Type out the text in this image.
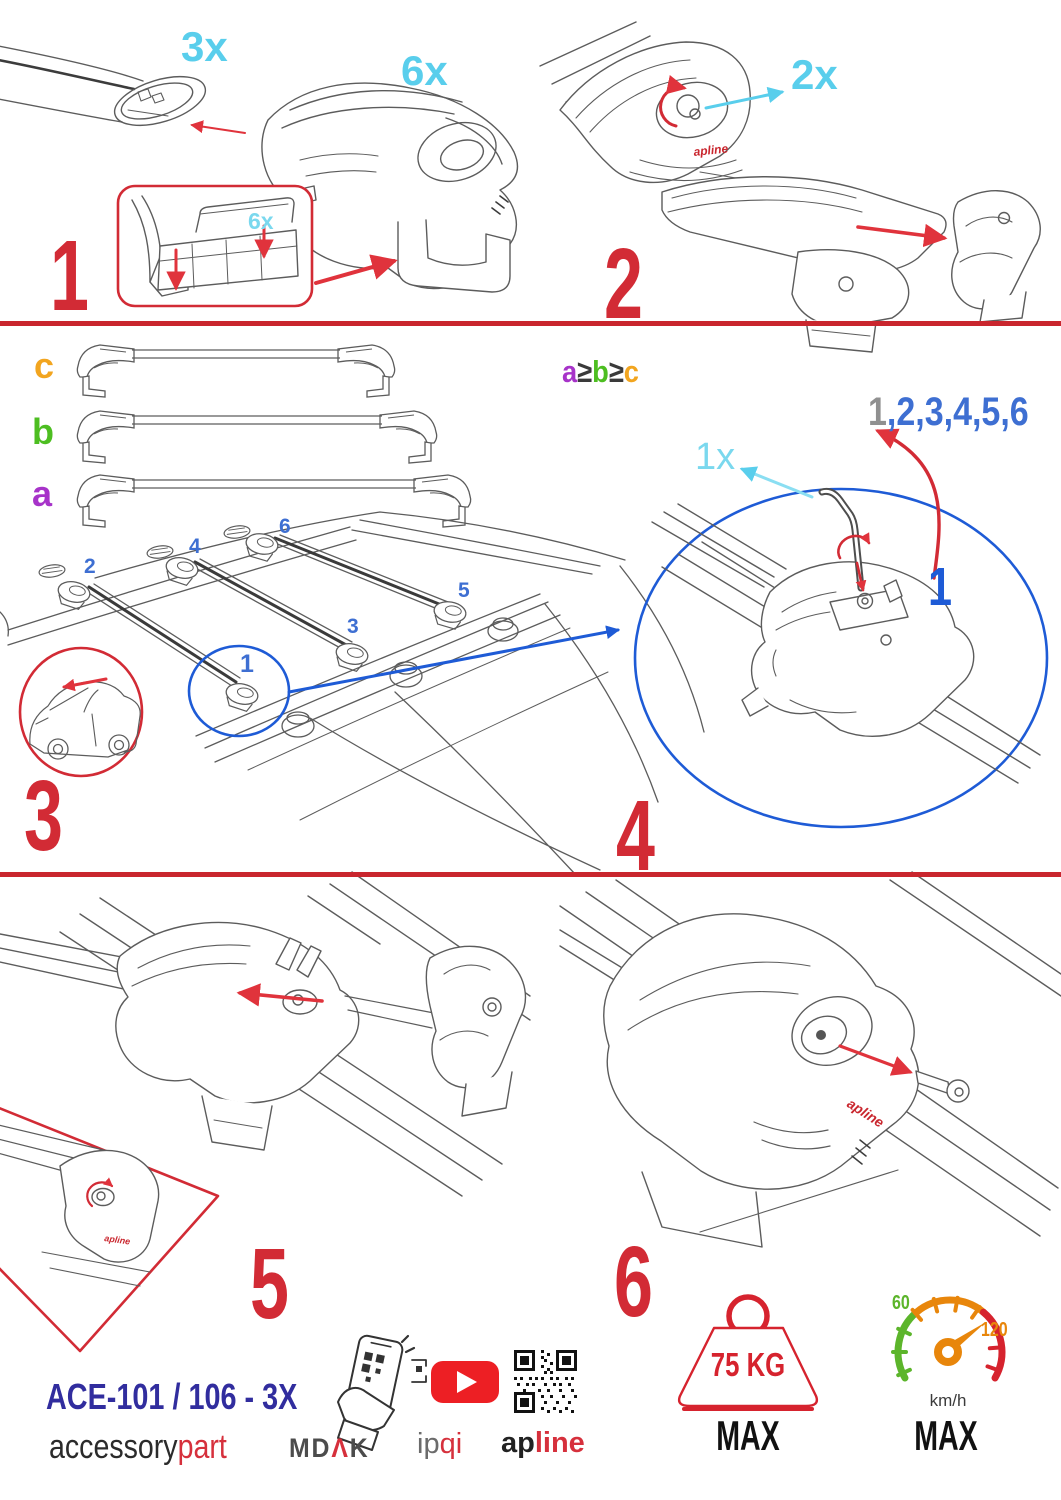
apline
apline
apline
1	2
3	4
5	6
3x
6x
6x
2x
1x
c
b
a
a≥b≥c
2
4
6
3
5
1
1,2,3,4,5,6
1
ACE-101 / 106 - 3X
accessorypart MDΛK ipqi apline
75 KG
MAX
60
120
km/h
MAX
